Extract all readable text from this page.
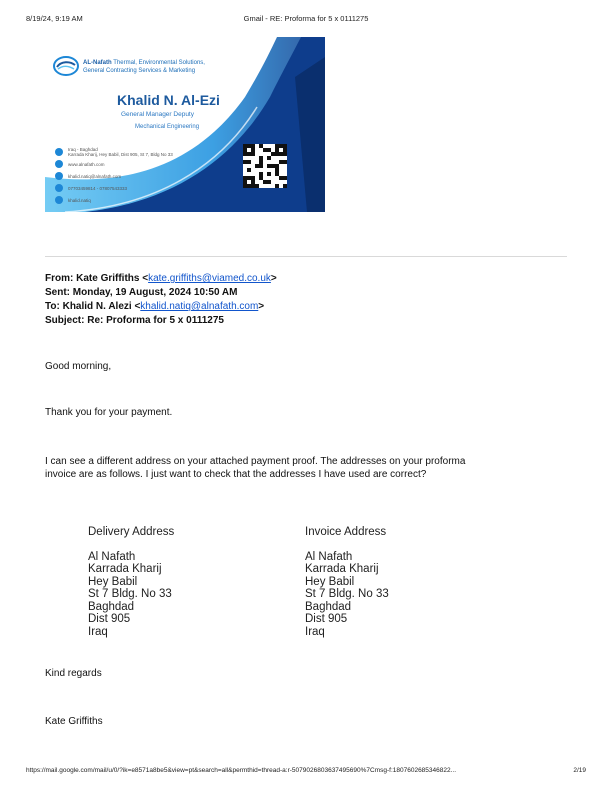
8/19/24, 9:19 AM	Gmail - RE: Proforma for 5 x 0111275
AL-Nafath Thermal, Environmental Solutions,
General Contracting Services & Marketing
Khalid N. Al-Ezi
General Manager Deputy
Mechanical Engineering
Iraq - Baghdad
Karrada Kharij, Hey Babil, Dist 905, St 7, Bldg No 33
www.alnafath.com
khalid.natiq@alnafath.com
07703459814 - 07807543333
khalid.natiq
From: Kate Griffiths <kate.griffiths@viamed.co.uk>
Sent: Monday, 19 August, 2024 10:50 AM
To: Khalid N. Alezi <khalid.natiq@alnafath.com>
Subject: Re: Proforma for 5 x 0111275
Good morning,
Thank you for your payment.
I can see a different address on your attached payment proof. The addresses on your proforma
invoice are as follows. I just want to check that the addresses I have used are correct?
Delivery Address
Al Nafath
Karrada Kharij
Hey Babil
St 7 Bldg. No 33
Baghdad
Dist 905
Iraq
Invoice Address
Al Nafath
Karrada Kharij
Hey Babil
St 7 Bldg. No 33
Baghdad
Dist 905
Iraq
Kind regards
Kate Griffiths
https://mail.google.com/mail/u/0/?ik=e8571a8be5&view=pt&search=all&permthid=thread-a:r-5079026803637495690%7Cmsg-f:1807602685346822...	2/19
